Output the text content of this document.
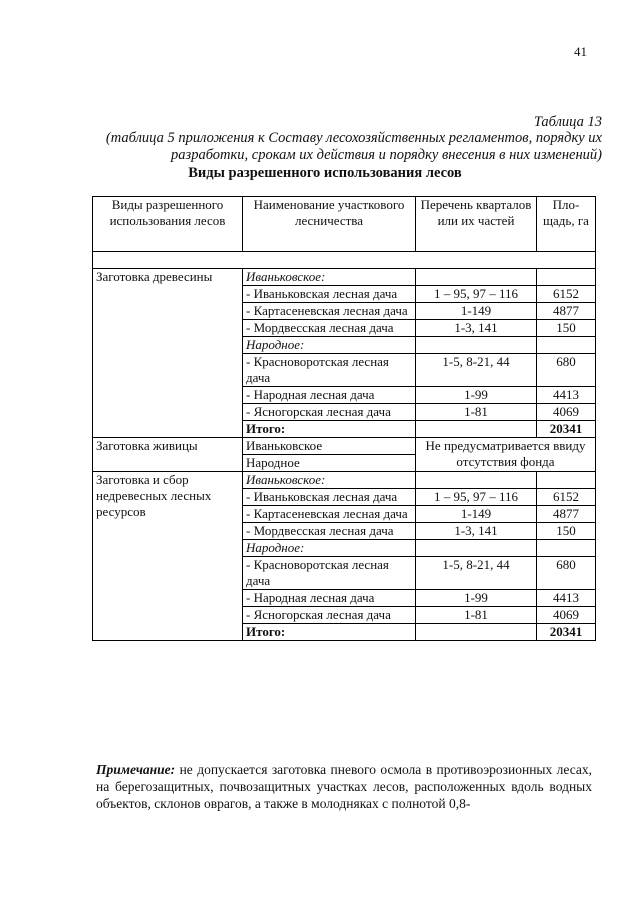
41
Таблица 13
(таблица 5 приложения к Составу лесохозяйственных регламентов, порядку их разработки, срокам их действия и порядку внесения в них изменений)
Виды разрешенного использования лесов
Виды разрешенного использования лесов	Наименование участкового лесничества	Перечень кварталов или их частей	Пло-щадь, га

Заготовка древесины	Иваньковское:		
	- Иваньковская лесная дача	1 – 95, 97 – 116	6152
	- Картасеневская лесная дача	1-149	4877
	- Мордвесская лесная дача	1-3, 141	150
	Народное:		
	- Красноворотская лесная дача	1-5, 8-21, 44	680
	- Народная лесная дача	1-99	4413
	- Ясногорская лесная дача	1-81	4069
	Итого:		20341
Заготовка живицы	Иваньковское	Не предусматривается ввиду отсутствия фонда	
	Народное		
Заготовка и сбор недревесных лесных ресурсов	Иваньковское:		
	- Иваньковская лесная дача	1 – 95, 97 – 116	6152
	- Картасеневская лесная дача	1-149	4877
	- Мордвесская лесная дача	1-3, 141	150
	Народное:		
	- Красноворотская лесная дача	1-5, 8-21, 44	680
	- Народная лесная дача	1-99	4413
	- Ясногорская лесная дача	1-81	4069
	Итого:		20341
Примечание: не допускается заготовка пневого осмола в противоэрозионных лесах, на берегозащитных, почвозащитных участках лесов, расположенных вдоль водных объектов, склонов оврагов, а также в молодняках с полнотой 0,8-
